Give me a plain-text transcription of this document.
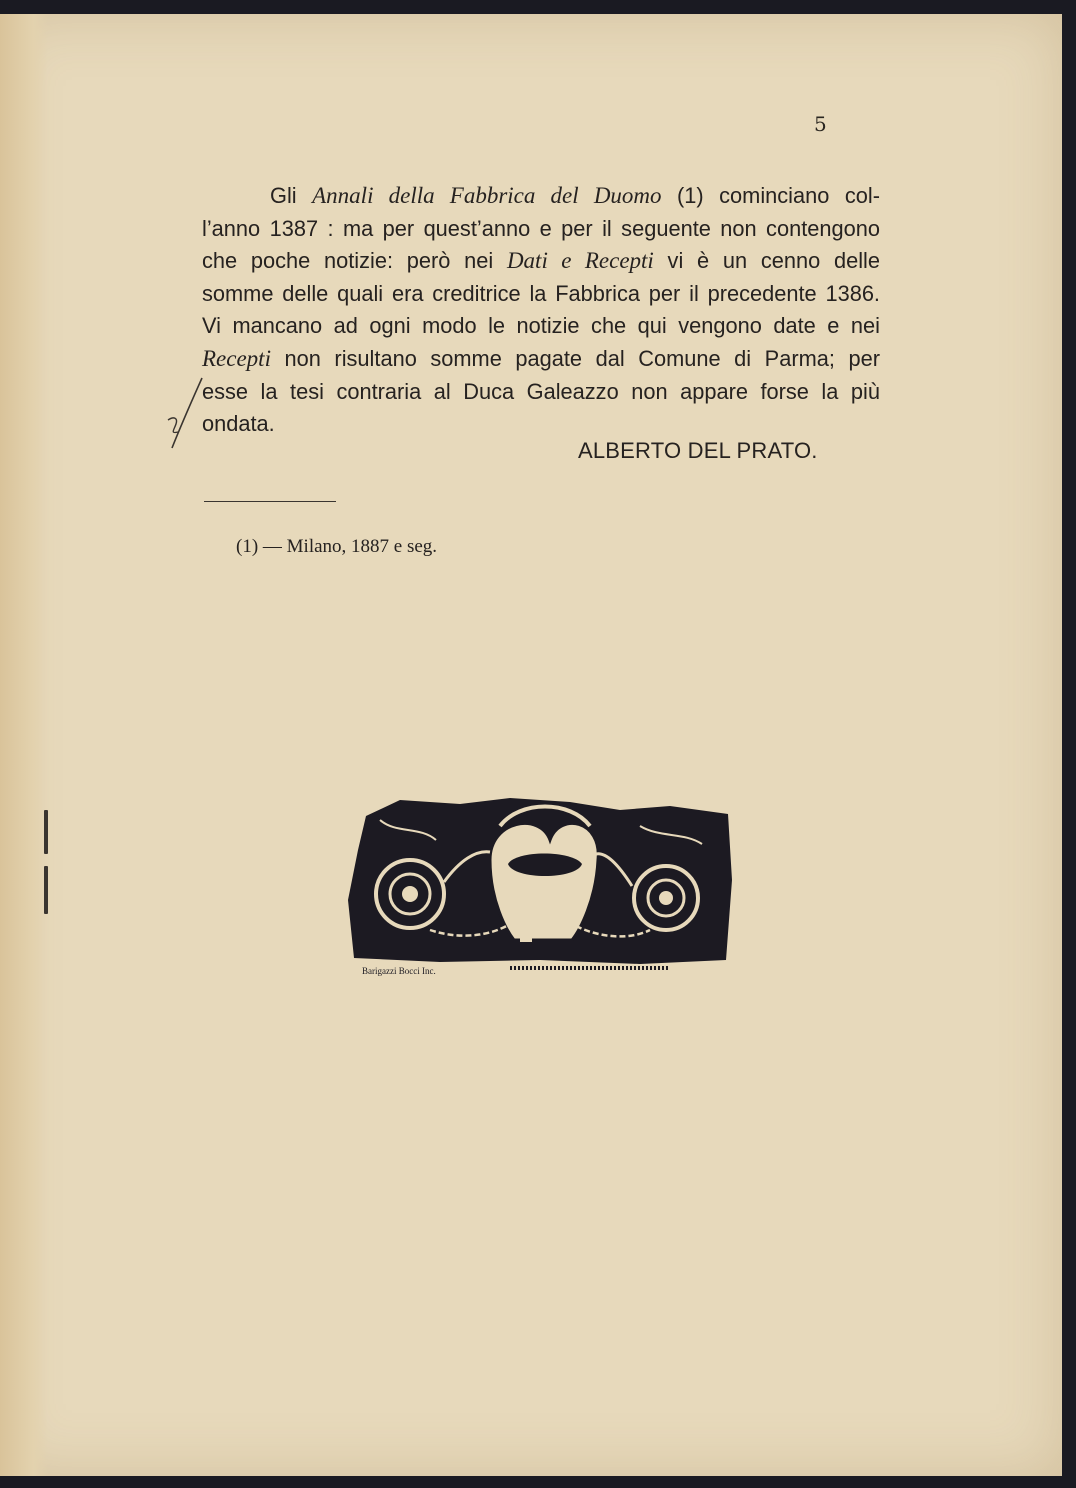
5

Gli Annali della Fabbrica del Duomo (1) cominciano col-
l’anno 1387 : ma per quest’anno e per il seguente non contengono
che poche notizie: però nei Dati e Recepti vi è un cenno delle
somme delle quali era creditrice la Fabbrica per il precedente 1386.
Vi mancano ad ogni modo le notizie che qui vengono date e nei
Recepti non risultano somme pagate dal Comune di Parma; per
esse la tesi contraria al Duca Galeazzo non appare forse la più
ondata.

ALBERTO DEL PRATO.
(1) — Milano, 1887 e seg.
Barigazzi Bocci Inc.
